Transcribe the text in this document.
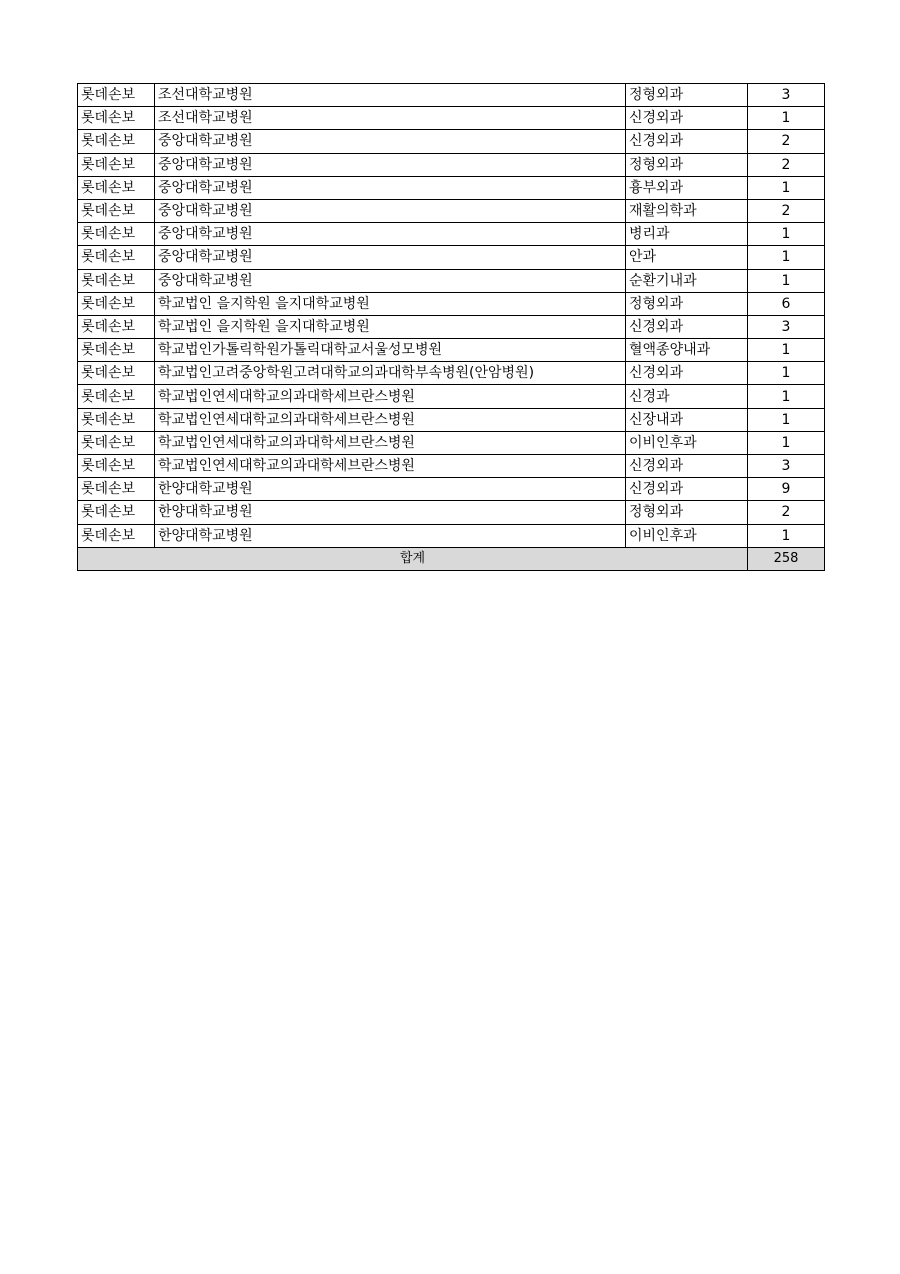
롯데손보	조선대학교병원	정형외과	3
롯데손보	조선대학교병원	신경외과	1
롯데손보	중앙대학교병원	신경외과	2
롯데손보	중앙대학교병원	정형외과	2
롯데손보	중앙대학교병원	흉부외과	1
롯데손보	중앙대학교병원	재활의학과	2
롯데손보	중앙대학교병원	병리과	1
롯데손보	중앙대학교병원	안과	1
롯데손보	중앙대학교병원	순환기내과	1
롯데손보	학교법인 을지학원 을지대학교병원	정형외과	6
롯데손보	학교법인 을지학원 을지대학교병원	신경외과	3
롯데손보	학교법인가톨릭학원가톨릭대학교서울성모병원	혈액종양내과	1
롯데손보	학교법인고려중앙학원고려대학교의과대학부속병원(안암병원)	신경외과	1
롯데손보	학교법인연세대학교의과대학세브란스병원	신경과	1
롯데손보	학교법인연세대학교의과대학세브란스병원	신장내과	1
롯데손보	학교법인연세대학교의과대학세브란스병원	이비인후과	1
롯데손보	학교법인연세대학교의과대학세브란스병원	신경외과	3
롯데손보	한양대학교병원	신경외과	9
롯데손보	한양대학교병원	정형외과	2
롯데손보	한양대학교병원	이비인후과	1
합계			258
